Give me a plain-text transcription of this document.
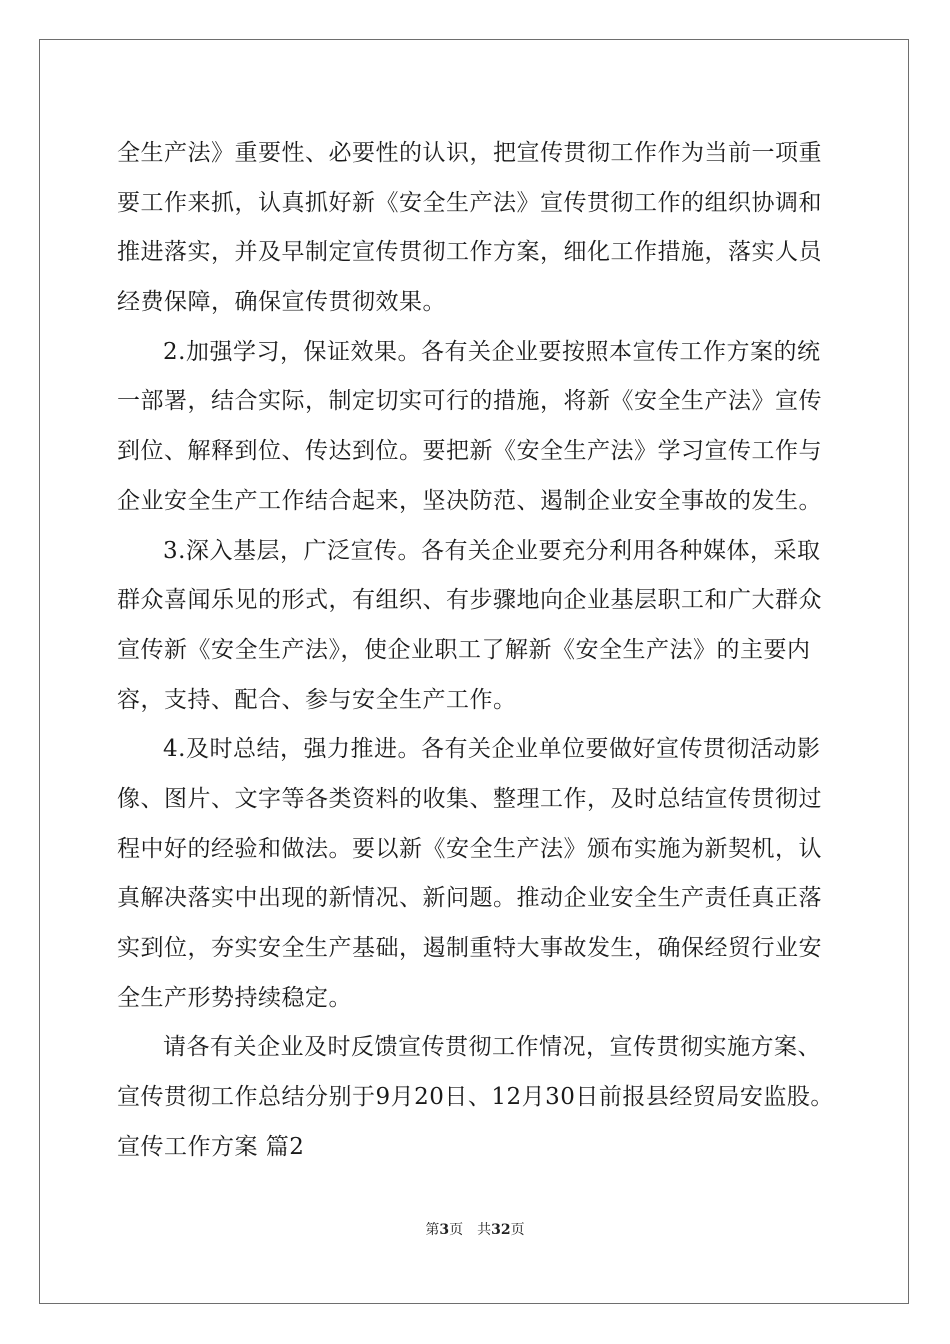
全生产法》重要性、必要性的认识，把宣传贯彻工作作为当前一项重
要工作来抓，认真抓好新《安全生产法》宣传贯彻工作的组织协调和
推进落实，并及早制定宣传贯彻工作方案，细化工作措施，落实人员
经费保障，确保宣传贯彻效果。
2.加强学习，保证效果。各有关企业要按照本宣传工作方案的统
一部署，结合实际，制定切实可行的措施，将新《安全生产法》宣传
到位、解释到位、传达到位。要把新《安全生产法》学习宣传工作与
企业安全生产工作结合起来，坚决防范、遏制企业安全事故的发生。
3.深入基层，广泛宣传。各有关企业要充分利用各种媒体，采取
群众喜闻乐见的形式，有组织、有步骤地向企业基层职工和广大群众
宣传新《安全生产法》，使企业职工了解新《安全生产法》的主要内
容，支持、配合、参与安全生产工作。
4.及时总结，强力推进。各有关企业单位要做好宣传贯彻活动影
像、图片、文字等各类资料的收集、整理工作，及时总结宣传贯彻过
程中好的经验和做法。要以新《安全生产法》颁布实施为新契机，认
真解决落实中出现的新情况、新问题。推动企业安全生产责任真正落
实到位，夯实安全生产基础，遏制重特大事故发生，确保经贸行业安
全生产形势持续稳定。
请各有关企业及时反馈宣传贯彻工作情况，宣传贯彻实施方案、
宣传贯彻工作总结分别于9月20日、12月30日前报县经贸局安监股。
宣传工作方案 篇2
第3页　共32页
